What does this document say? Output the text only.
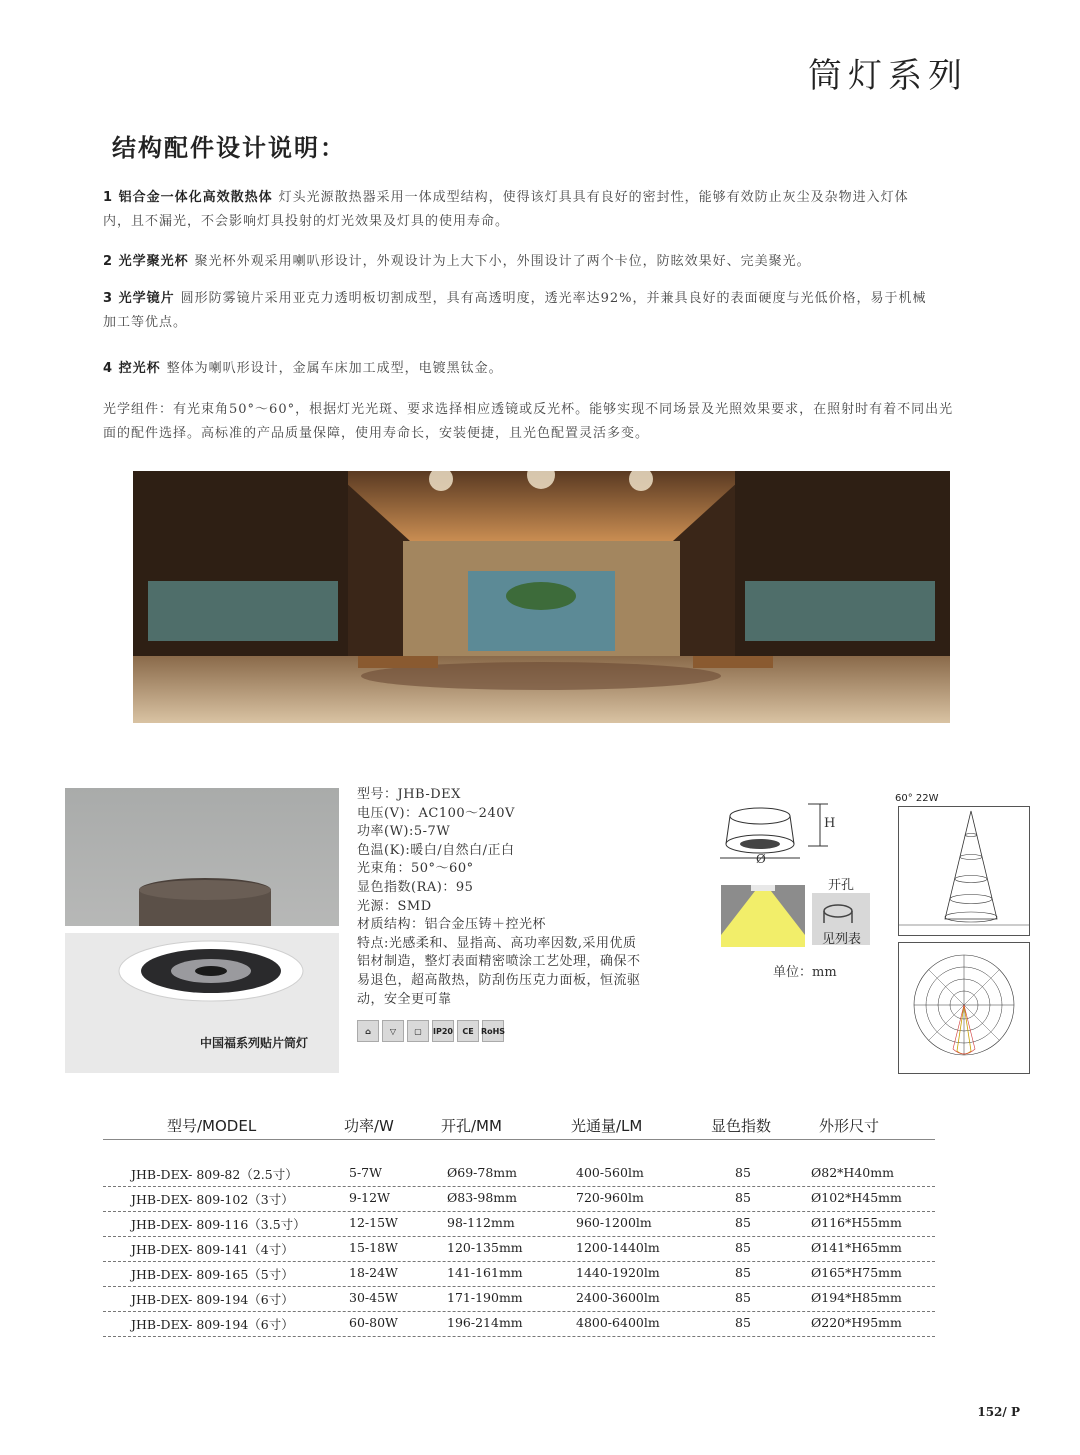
筒灯系列
结构配件设计说明：
1 铝合金一体化高效散热体 灯头光源散热器采用一体成型结构，使得该灯具具有良好的密封性，能够有效防止灰尘及杂物进入灯体
内，且不漏光，不会影响灯具投射的灯光效果及灯具的使用寿命。
2 光学聚光杯 聚光杯外观采用喇叭形设计，外观设计为上大下小，外围设计了两个卡位，防眩效果好、完美聚光。
3 光学镜片 圆形防雾镜片采用亚克力透明板切割成型，具有高透明度，透光率达92%，并兼具良好的表面硬度与光低价格，易于机械
加工等优点。
4 控光杯 整体为喇叭形设计，金属车床加工成型，电镀黑钛金。
光学组件：有光束角50°～60°，根据灯光光斑、要求选择相应透镜或反光杯。能够实现不同场景及光照效果要求，在照射时有着不同出光
面的配件选择。高标准的产品质量保障，使用寿命长，安装便捷，且光色配置灵活多变。
中国福系列贴片筒灯
型号：JHB-DEX
电压(V)：AC100～240V
功率(W):5-7W
色温(K):暖白/自然白/正白
光束角：50°～60°
显色指数(RA)：95
光源：SMD
材质结构：铝合金压铸＋控光杯
特点:光感柔和、显指高、高功率因数,采用优质
铝材制造，整灯表面精密喷涂工艺处理，确保不
易退色，超高散热，防刮伤压克力面板，恒流驱
动，安全更可靠
⌂	▽	▢	IP20	CE RoHS
H
Ø
开孔
见列表
单位：mm
60° 22W
型号/MODEL	功率/W	开孔/MM	光通量/LM	显色指数	外形尺寸
JHB-DEX- 809-82（2.5寸）	5-7W	Ø69-78mm	400-560lm	85	Ø82*H40mm
JHB-DEX- 809-102（3寸）	9-12W	Ø83-98mm	720-960lm	85	Ø102*H45mm
JHB-DEX- 809-116（3.5寸）	12-15W	98-112mm	960-1200lm	85	Ø116*H55mm
JHB-DEX- 809-141（4寸）	15-18W	120-135mm	1200-1440lm	85	Ø141*H65mm
JHB-DEX- 809-165（5寸）	18-24W	141-161mm	1440-1920lm	85	Ø165*H75mm
JHB-DEX- 809-194（6寸）	30-45W	171-190mm	2400-3600lm	85	Ø194*H85mm
JHB-DEX- 809-194（6寸）	60-80W	196-214mm	4800-6400lm	85	Ø220*H95mm
152/ P
